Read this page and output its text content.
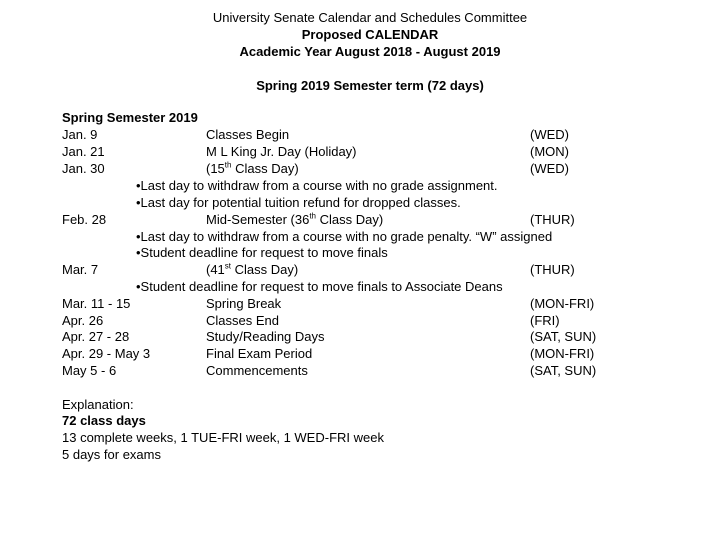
University Senate Calendar and Schedules Committee
Proposed CALENDAR
Academic Year August 2018 - August 2019
Spring 2019 Semester term (72 days)
Spring Semester 2019
Jan. 9	Classes Begin	(WED)
Jan. 21	M L King Jr. Day (Holiday)	(MON)
Jan. 30	(15th Class Day)	(WED)
•Last day to withdraw from a course with no grade assignment.
•Last day for potential tuition refund for dropped classes.
Feb. 28	Mid-Semester (36th Class Day)	(THUR)
•Last day to withdraw from a course with no grade penalty. “W” assigned
•Student deadline for request to move finals
Mar. 7	(41st Class Day)	(THUR)
•Student deadline for request to move finals to Associate Deans
Mar. 11 - 15	Spring Break	(MON-FRI)
Apr. 26	Classes End	(FRI)
Apr. 27 - 28	Study/Reading Days	(SAT, SUN)
Apr. 29 - May 3	Final Exam Period	(MON-FRI)
May 5 - 6	Commencements	(SAT, SUN)
Explanation:
72 class days
13 complete weeks, 1 TUE-FRI week, 1 WED-FRI week
5 days for exams
